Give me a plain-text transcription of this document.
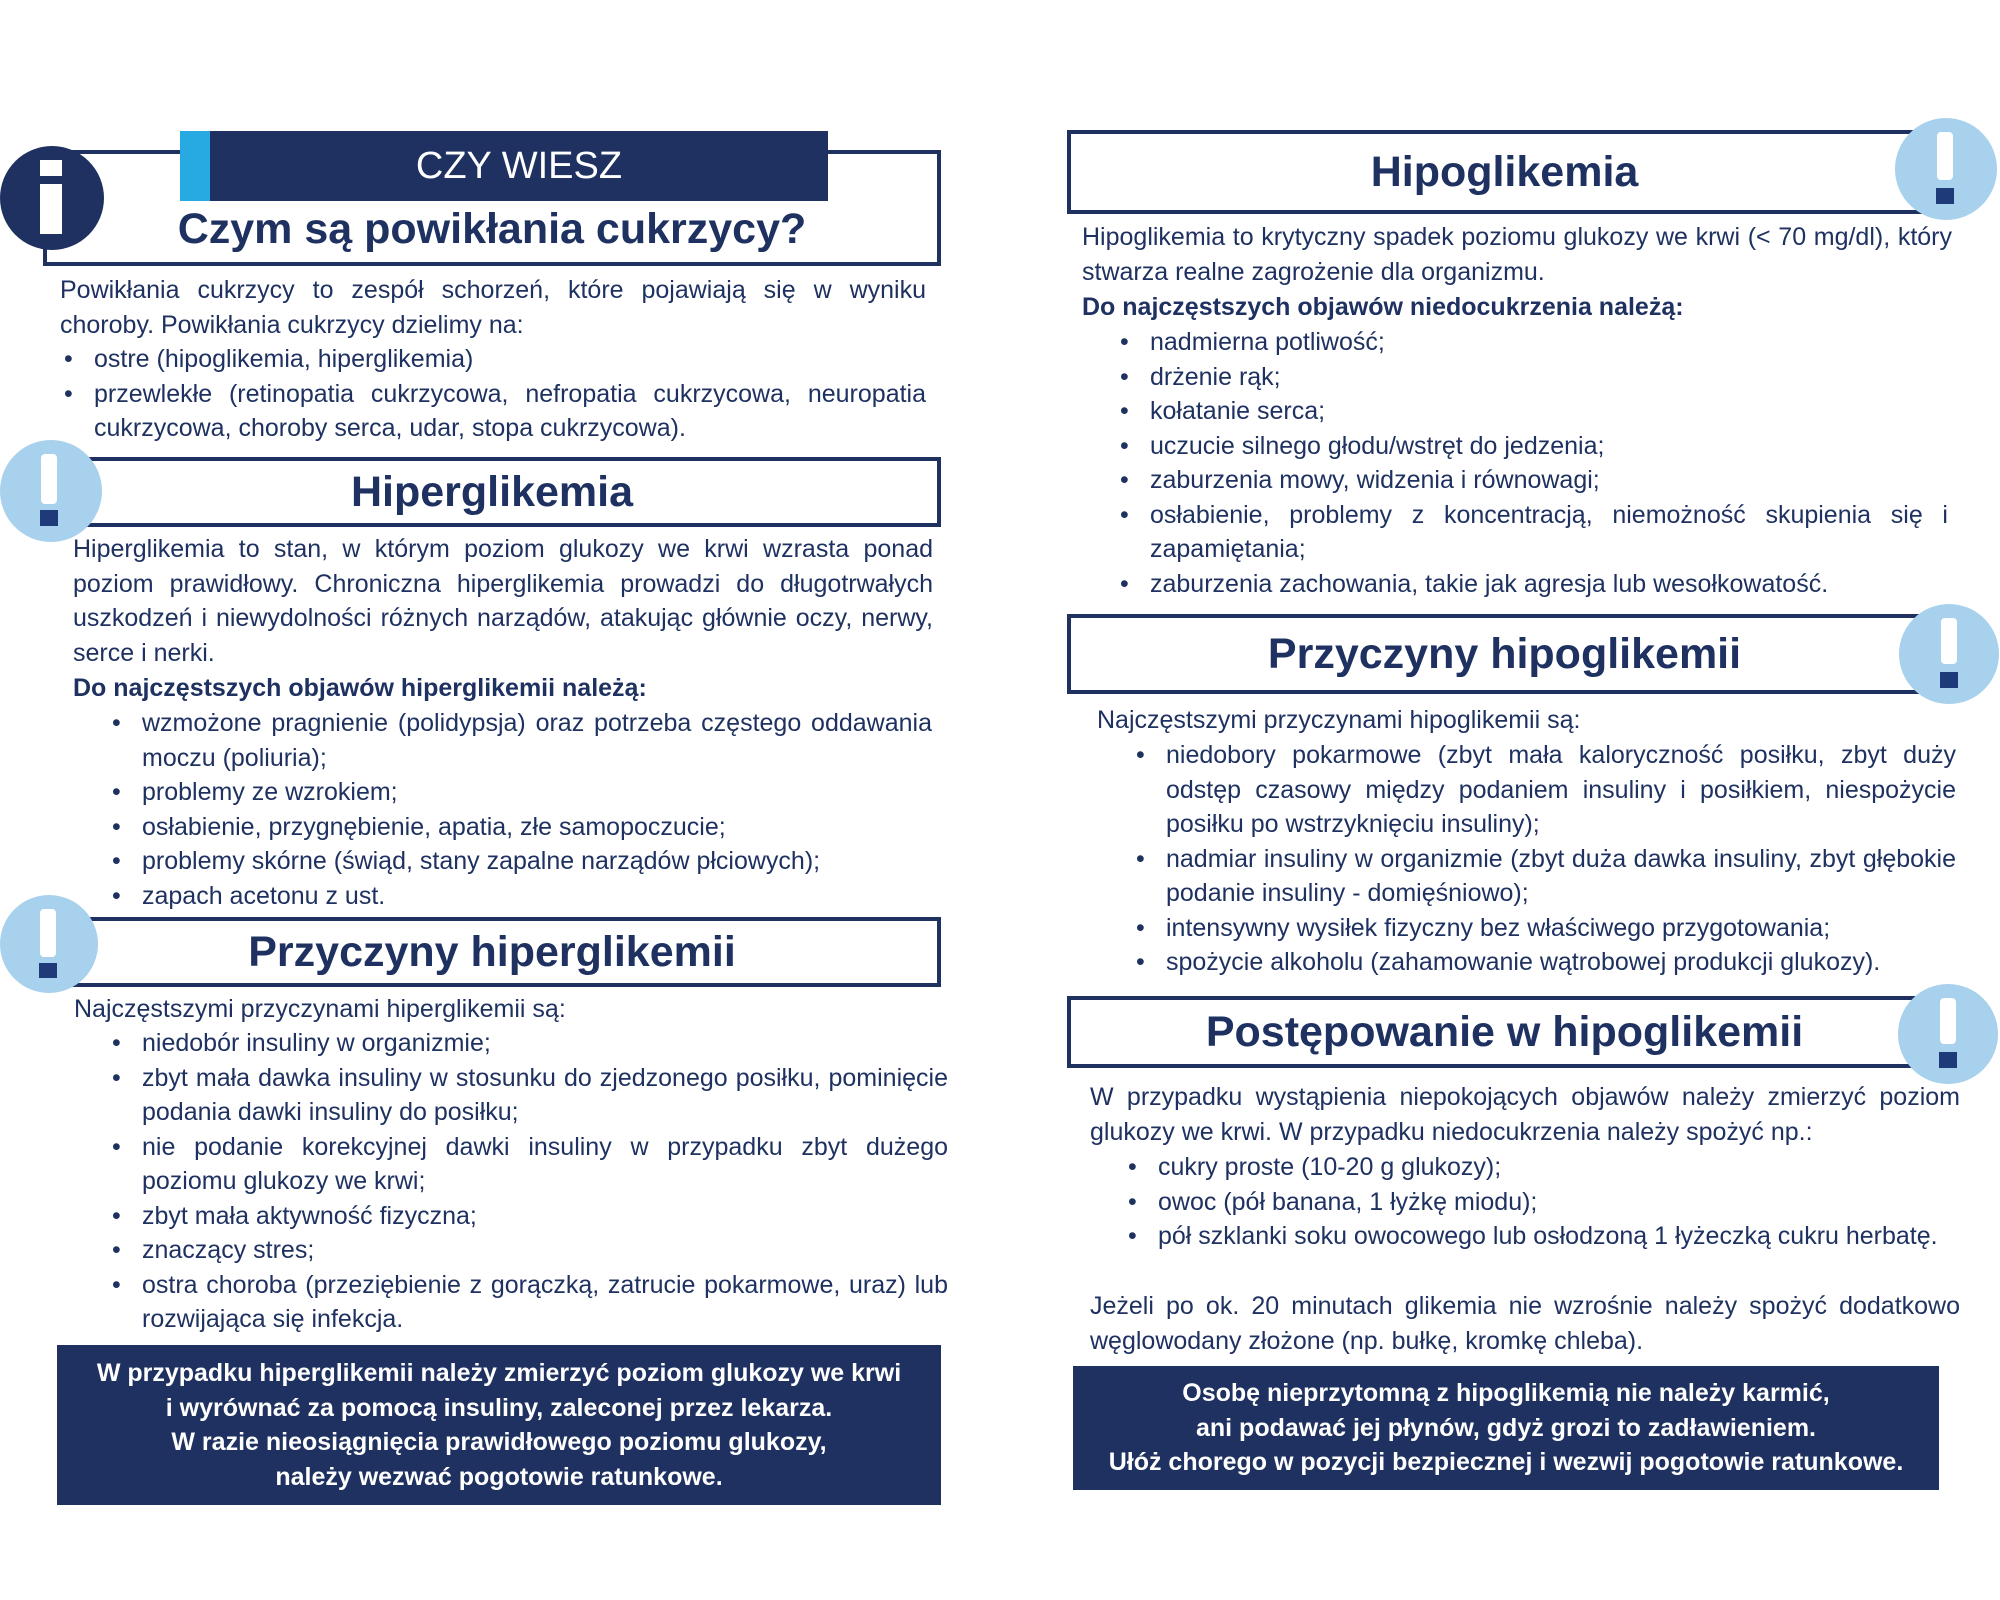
Czym są powikłania cukrzycy?
CZY WIESZ

Powikłania cukrzycy to zespół schorzeń, które pojawiają się w wyniku choroby. Powikłania cukrzycy dzielimy na:

• ostre (hipoglikemia, hiperglikemia)
• przewlekłe (retinopatia cukrzycowa, nefropatia cukrzycowa, neuropatia cukrzycowa, choroby serca, udar, stopa cukrzycowa).
Hiperglikemia

Hiperglikemia to stan, w którym poziom glukozy we krwi wzrasta ponad poziom prawidłowy. Chroniczna hiperglikemia prowadzi do długotrwałych uszkodzeń i niewydolności różnych narządów, atakując głównie oczy, nerwy, serce i nerki.

Do najczęstszych objawów hiperglikemii należą:

• wzmożone pragnienie (polidypsja) oraz potrzeba częstego oddawania moczu (poliuria);
• problemy ze wzrokiem;
• osłabienie, przygnębienie, apatia, złe samopoczucie;
• problemy skórne (świąd, stany zapalne narządów płciowych);
• zapach acetonu z ust.
Przyczyny hiperglikemii

Najczęstszymi przyczynami hiperglikemii są:

• niedobór insuliny w organizmie;
• zbyt mała dawka insuliny w stosunku do zjedzonego posiłku, pominięcie podania dawki insuliny do posiłku;
• nie podanie korekcyjnej dawki insuliny w przypadku zbyt dużego poziomu glukozy we krwi;
• zbyt mała aktywność fizyczna;
• znaczący stres;
• ostra choroba (przeziębienie z gorączką, zatrucie pokarmowe, uraz) lub rozwijająca się infekcja.

W przypadku hiperglikemii należy zmierzyć poziom glukozy we krwi

i wyrównać za pomocą insuliny, zaleconej przez lekarza.

W razie nieosiągnięcia prawidłowego poziomu glukozy,

należy wezwać pogotowie ratunkowe.

Hipoglikemia

Hipoglikemia to krytyczny spadek poziomu glukozy we krwi (< 70 mg/dl), który stwarza realne zagrożenie dla organizmu.

Do najczęstszych objawów niedocukrzenia należą:

• nadmierna potliwość;
• drżenie rąk;
• kołatanie serca;
• uczucie silnego głodu/wstręt do jedzenia;
• zaburzenia mowy, widzenia i równowagi;
• osłabienie, problemy z koncentracją, niemożność skupienia się i zapamiętania;
• zaburzenia zachowania, takie jak agresja lub wesołkowatość.
Przyczyny hipoglikemii

Najczęstszymi przyczynami hipoglikemii są:

• niedobory pokarmowe (zbyt mała kaloryczność posiłku, zbyt duży odstęp czasowy między podaniem insuliny i posiłkiem, niespożycie posiłku po wstrzyknięciu insuliny);
• nadmiar insuliny w organizmie (zbyt duża dawka insuliny, zbyt głębokie podanie insuliny - domięśniowo);
• intensywny wysiłek fizyczny bez właściwego przygotowania;
• spożycie alkoholu (zahamowanie wątrobowej produkcji glukozy).
Postępowanie w hipoglikemii

W przypadku wystąpienia niepokojących objawów należy zmierzyć poziom glukozy we krwi. W przypadku niedocukrzenia należy spożyć np.:

• cukry proste (10-20 g glukozy);
• owoc (pół banana, 1 łyżkę miodu);
• pół szklanki soku owocowego lub osłodzoną 1 łyżeczką cukru herbatę.

Jeżeli po ok. 20 minutach glikemia nie wzrośnie należy spożyć dodatkowo węglowodany złożone (np. bułkę, kromkę chleba).

Osobę nieprzytomną z hipoglikemią nie należy karmić,

ani podawać jej płynów, gdyż grozi to zadławieniem.

Ułóż chorego w pozycji bezpiecznej i wezwij pogotowie ratunkowe.
